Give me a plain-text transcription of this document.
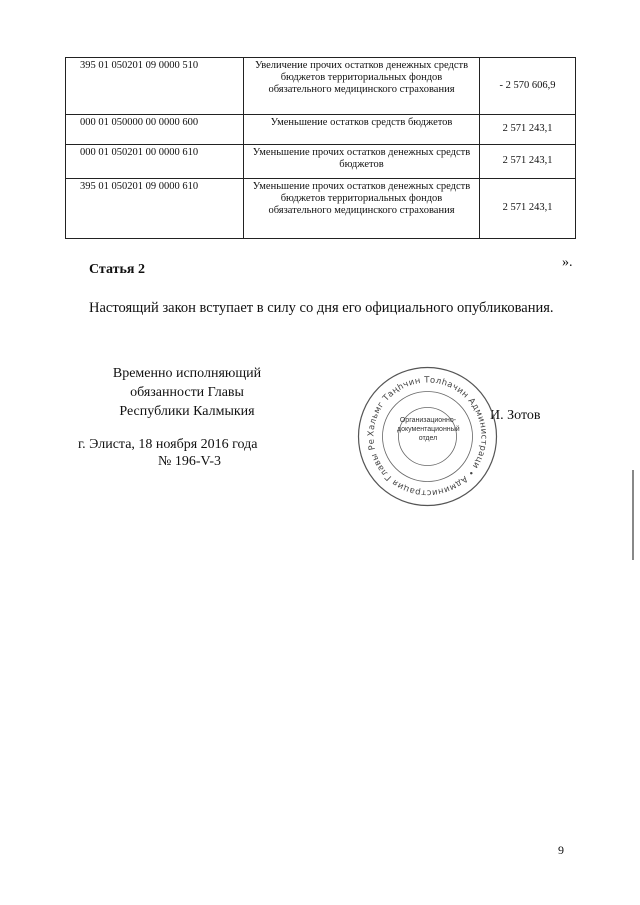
395 01 050201 09 0000 510	Увеличение прочих остатков денежных средств бюджетов территориальных фондов обязательного медицинского страхования	- 2 570 606,9
000 01 050000 00 0000 600	Уменьшение остатков средств бюджетов	2 571 243,1
000 01 050201 00 0000 610	Уменьшение прочих остатков денежных средств бюджетов	2 571 243,1
395 01 050201 09 0000 610	Уменьшение прочих остатков денежных средств бюджетов территориальных фондов обязательного медицинского страхования	2 571 243,1
».
Статья 2
Настоящий закон вступает в силу со дня его официального опубликования.
Временно исполняющий
обязанности Главы
Республики Калмыкия
г. Элиста, 18 ноября 2016 года
№ 196-V-3
И. Зотов
Хальмг Таңһчин Толһачин Администраци • Администрация Главы Ре
Организационно-документационный отдел
9
